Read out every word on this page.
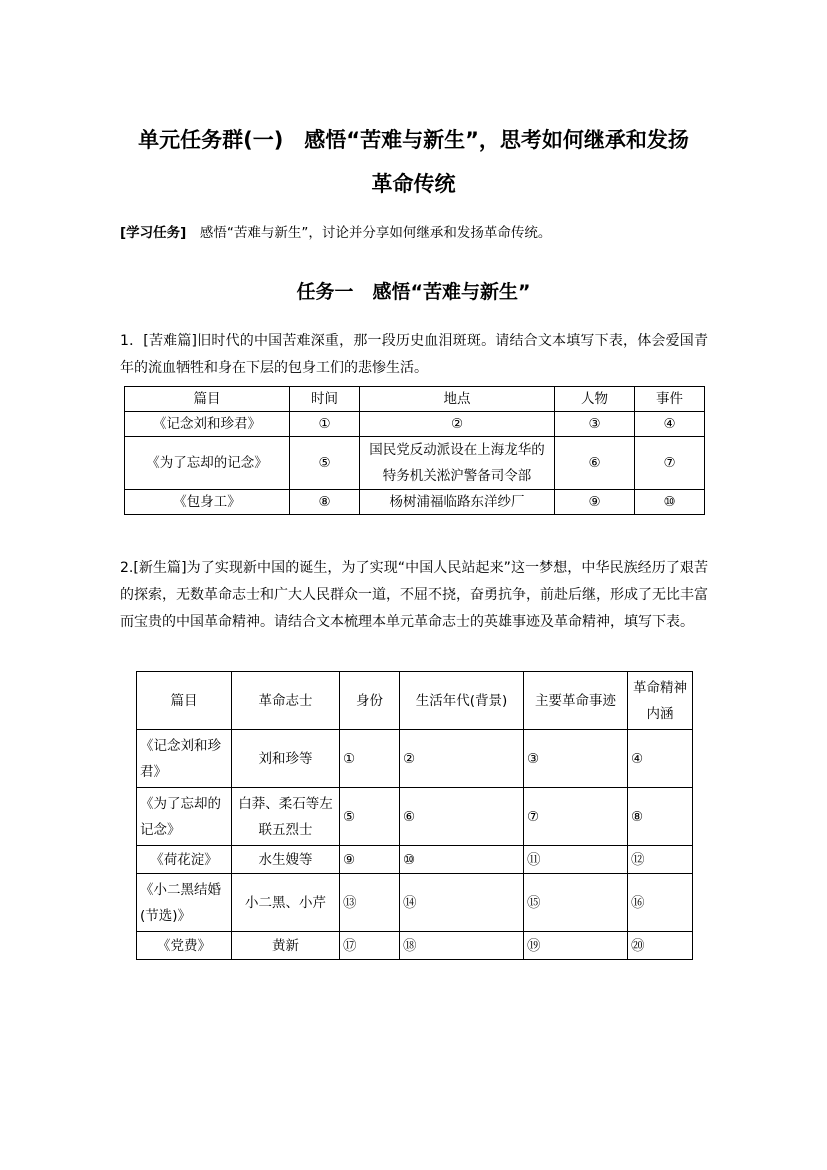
单元任务群(一)　感悟“苦难与新生”，思考如何继承和发扬
革命传统
[学习任务]　感悟“苦难与新生”，讨论并分享如何继承和发扬革命传统。
任务一　感悟“苦难与新生”

1．[苦难篇]旧时代的中国苦难深重，那一段历史血泪斑斑。请结合文本填写下表，体会爱国青年的流血牺牲和身在下层的包身工们的悲惨生活。

篇目	时间	地点	人物	事件
《记念刘和珍君》	①	②	③	④
《为了忘却的记念》	⑤	国民党反动派设在上海龙华的特务机关淞沪警备司令部	⑥	⑦
《包身工》	⑧	杨树浦福临路东洋纱厂	⑨	⑩

2.[新生篇]为了实现新中国的诞生，为了实现“中国人民站起来”这一梦想，中华民族经历了艰苦的探索，无数革命志士和广大人民群众一道，不屈不挠，奋勇抗争，前赴后继，形成了无比丰富而宝贵的中国革命精神。请结合文本梳理本单元革命志士的英雄事迹及革命精神，填写下表。

篇目	革命志士	身份	生活年代(背景)	主要革命事迹	革命精神内涵
《记念刘和珍君》	刘和珍等	①	②	③	④
《为了忘却的记念》	白莽、柔石等左联五烈士	⑤	⑥	⑦	⑧
《荷花淀》	水生嫂等	⑨	⑩	⑪	⑫
《小二黑结婚(节选)》	小二黑、小芹	⑬	⑭	⑮	⑯
《党费》	黄新	⑰	⑱	⑲	⑳
